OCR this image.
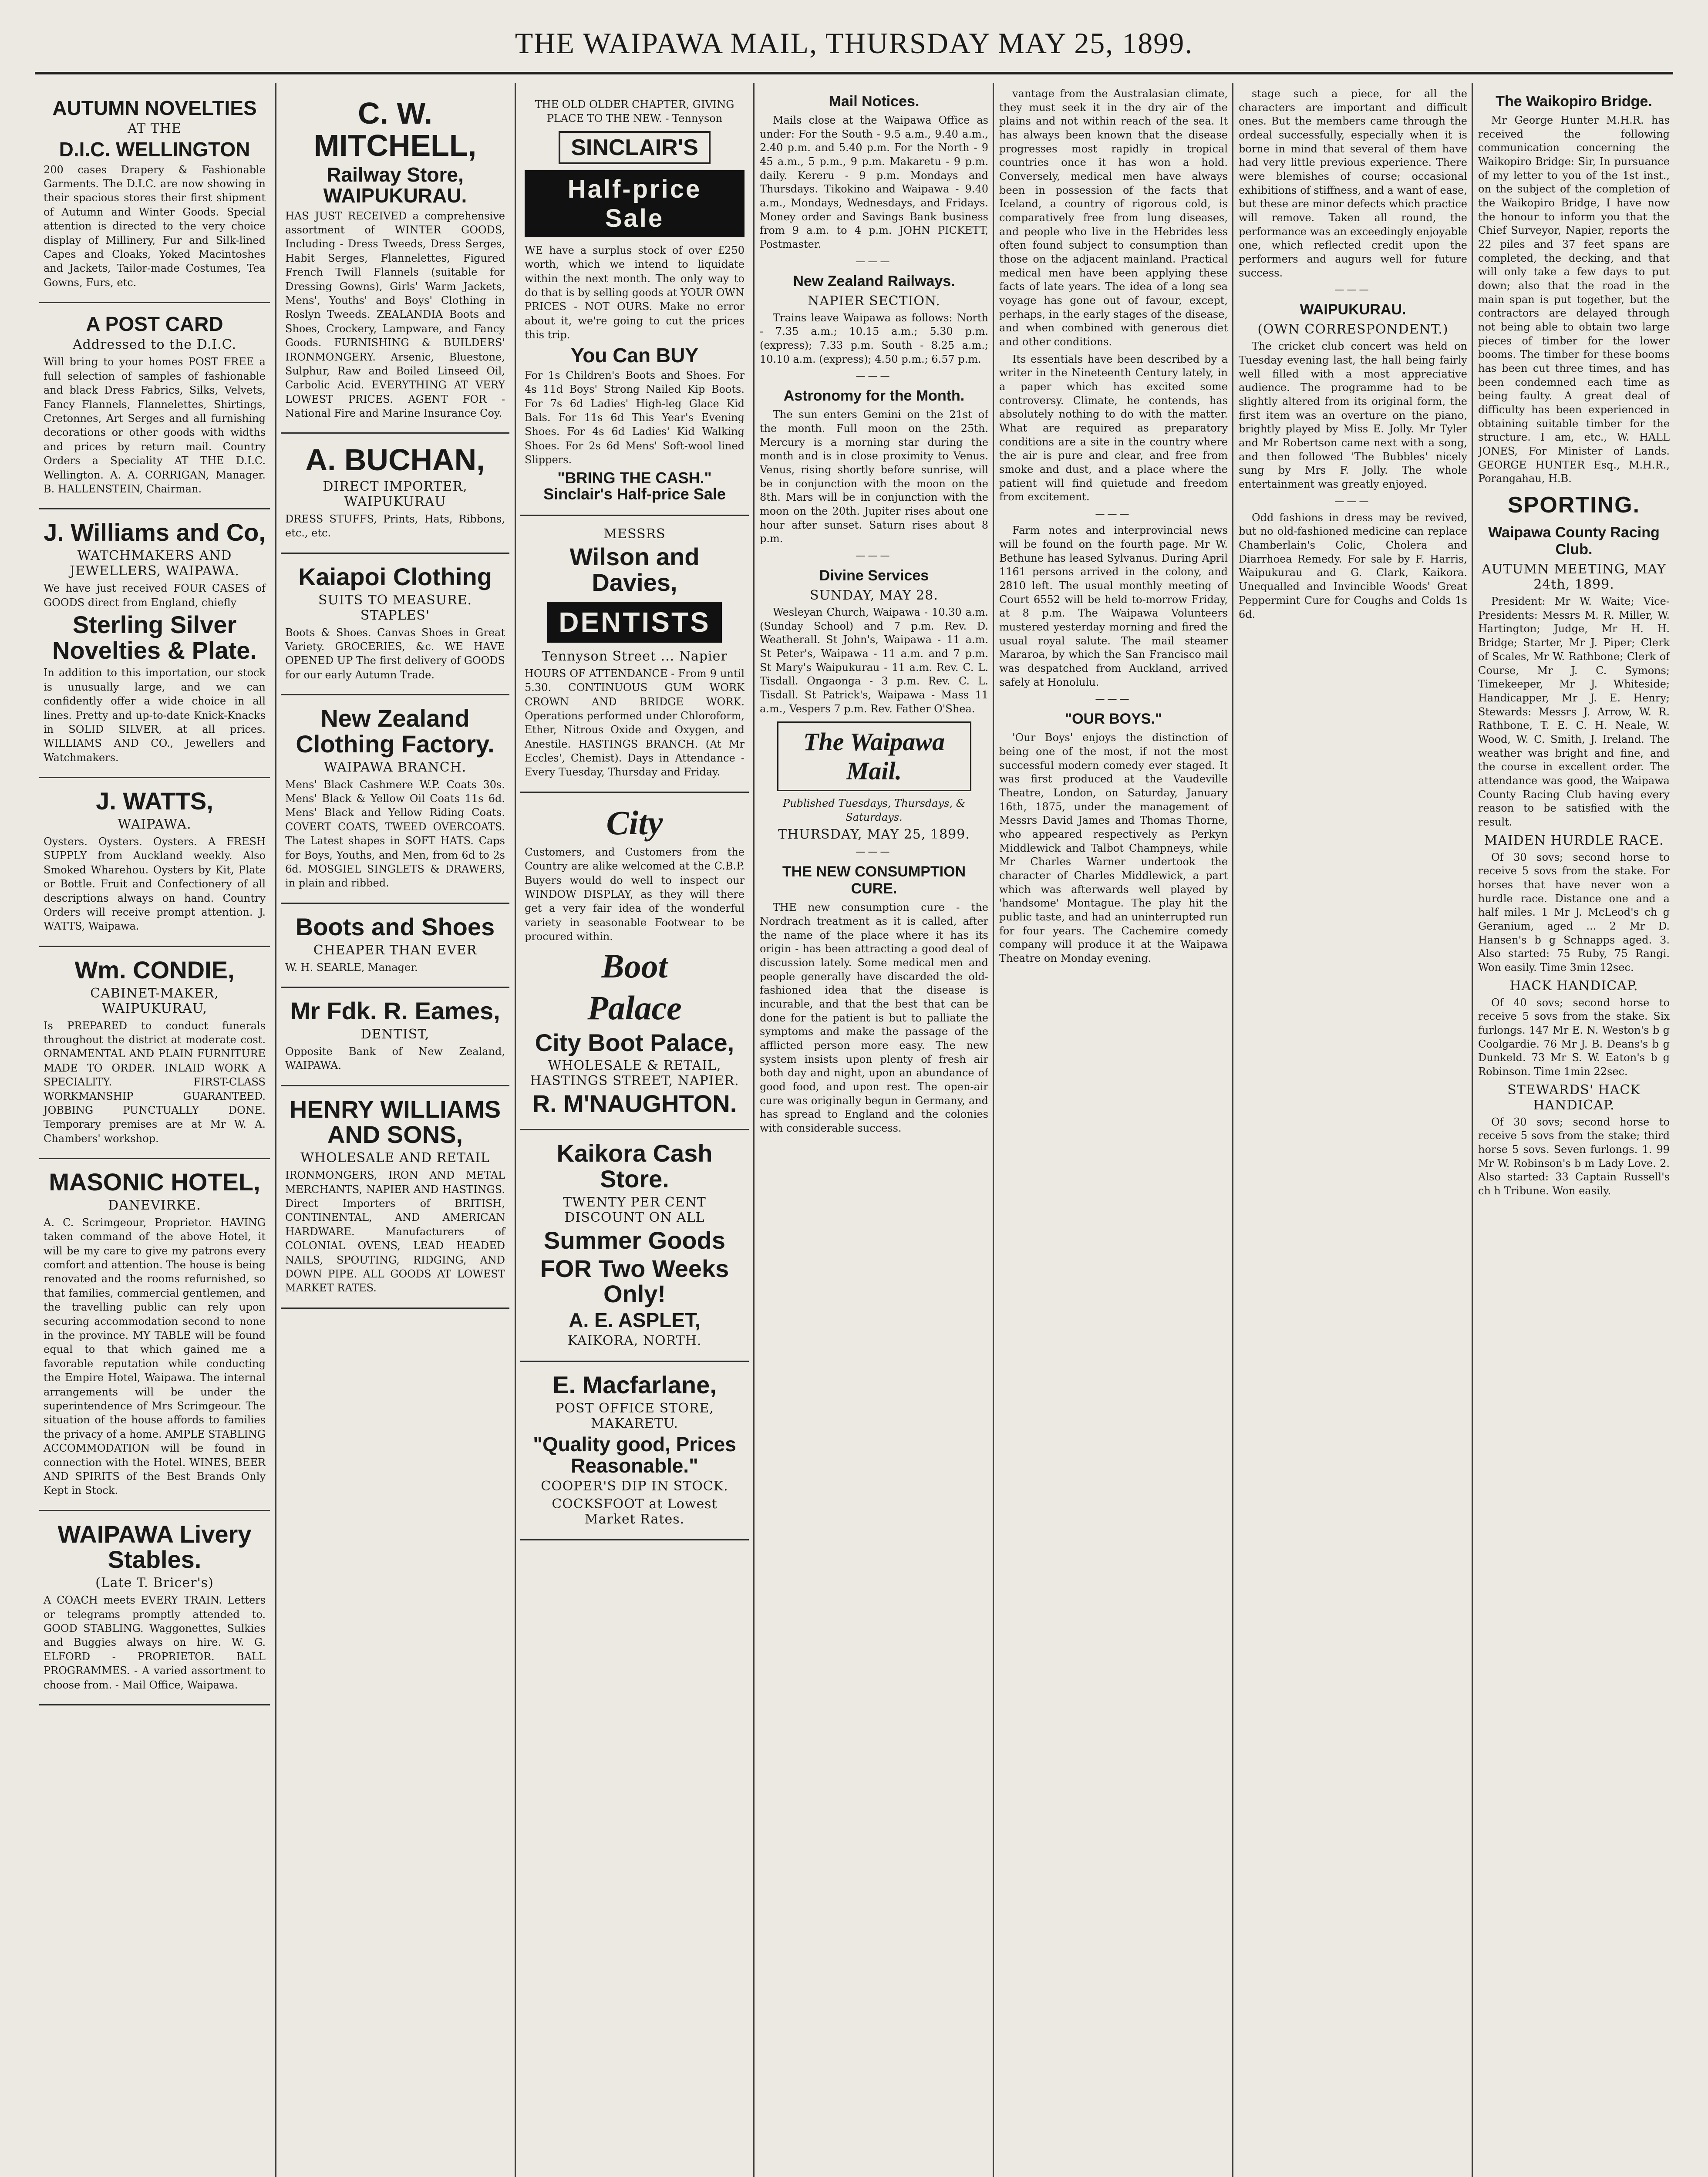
THE WAIPAWA MAIL, THURSDAY MAY 25, 1899.
AUTUMN NOVELTIES
AT THE
D.I.C. WELLINGTON
200 cases Drapery & Fashionable Garments. The D.I.C. are now showing in their spacious stores their first shipment of Autumn and Winter Goods. Special attention is directed to the very choice display of Millinery, Fur and Silk-lined Capes and Cloaks, Yoked Macintoshes and Jackets, Tailor-made Costumes, Tea Gowns, Furs, etc.
A POST CARD
Addressed to the D.I.C.
Will bring to your homes POST FREE a full selection of samples of fashionable and black Dress Fabrics, Silks, Velvets, Fancy Flannels, Flannelettes, Shirtings, Cretonnes, Art Serges and all furnishing decorations or other goods with widths and prices by return mail. Country Orders a Speciality AT THE D.I.C. Wellington. A. A. CORRIGAN, Manager. B. HALLENSTEIN, Chairman.
J. Williams and Co,
WATCHMAKERS AND JEWELLERS, WAIPAWA.
We have just received FOUR CASES of GOODS direct from England, chiefly
Sterling Silver Novelties & Plate.
In addition to this importation, our stock is unusually large, and we can confidently offer a wide choice in all lines. Pretty and up-to-date Knick-Knacks in SOLID SILVER, at all prices. WILLIAMS AND CO., Jewellers and Watchmakers.
J. WATTS,
WAIPAWA.
Oysters. Oysters. Oysters. A FRESH SUPPLY from Auckland weekly. Also Smoked Wharehou. Oysters by Kit, Plate or Bottle. Fruit and Confectionery of all descriptions always on hand. Country Orders will receive prompt attention. J. WATTS, Waipawa.
Wm. CONDIE,
CABINET-MAKER, WAIPUKURAU,
Is PREPARED to conduct funerals throughout the district at moderate cost. ORNAMENTAL AND PLAIN FURNITURE MADE TO ORDER. INLAID WORK A SPECIALITY. FIRST-CLASS WORKMANSHIP GUARANTEED. JOBBING PUNCTUALLY DONE. Temporary premises are at Mr W. A. Chambers' workshop.
MASONIC HOTEL,
DANEVIRKE.
A. C. Scrimgeour, Proprietor. HAVING taken command of the above Hotel, it will be my care to give my patrons every comfort and attention. The house is being renovated and the rooms refurnished, so that families, commercial gentlemen, and the travelling public can rely upon securing accommodation second to none in the province. MY TABLE will be found equal to that which gained me a favorable reputation while conducting the Empire Hotel, Waipawa. The internal arrangements will be under the superintendence of Mrs Scrimgeour. The situation of the house affords to families the privacy of a home. AMPLE STABLING ACCOMMODATION will be found in connection with the Hotel. WINES, BEER AND SPIRITS of the Best Brands Only Kept in Stock.
WAIPAWA Livery Stables.
(Late T. Bricer's)
A COACH meets EVERY TRAIN. Letters or telegrams promptly attended to. GOOD STABLING. Waggonettes, Sulkies and Buggies always on hire. W. G. ELFORD - PROPRIETOR. BALL PROGRAMMES. - A varied assortment to choose from. - Mail Office, Waipawa.
C. W. MITCHELL,
Railway Store, WAIPUKURAU.
HAS JUST RECEIVED a comprehensive assortment of WINTER GOODS, Including - Dress Tweeds, Dress Serges, Habit Serges, Flannelettes, Figured French Twill Flannels (suitable for Dressing Gowns), Girls' Warm Jackets, Mens', Youths' and Boys' Clothing in Roslyn Tweeds. ZEALANDIA Boots and Shoes, Crockery, Lampware, and Fancy Goods. FURNISHING & BUILDERS' IRONMONGERY. Arsenic, Bluestone, Sulphur, Raw and Boiled Linseed Oil, Carbolic Acid. EVERYTHING AT VERY LOWEST PRICES. AGENT FOR - National Fire and Marine Insurance Coy.
A. BUCHAN,
DIRECT IMPORTER, WAIPUKURAU
DRESS STUFFS, Prints, Hats, Ribbons, etc., etc.
Kaiapoi Clothing
SUITS TO MEASURE. STAPLES'
Boots & Shoes. Canvas Shoes in Great Variety. GROCERIES, &c. WE HAVE OPENED UP The first delivery of GOODS for our early Autumn Trade.
New Zealand Clothing Factory.
WAIPAWA BRANCH.
Mens' Black Cashmere W.P. Coats 30s. Mens' Black & Yellow Oil Coats 11s 6d. Mens' Black and Yellow Riding Coats. COVERT COATS, TWEED OVERCOATS. The Latest shapes in SOFT HATS. Caps for Boys, Youths, and Men, from 6d to 2s 6d. MOSGIEL SINGLETS & DRAWERS, in plain and ribbed.
Boots and Shoes
CHEAPER THAN EVER
W. H. SEARLE, Manager.
Mr Fdk. R. Eames,
DENTIST,
Opposite Bank of New Zealand, WAIPAWA.
HENRY WILLIAMS AND SONS,
WHOLESALE AND RETAIL
IRONMONGERS, IRON AND METAL MERCHANTS, NAPIER AND HASTINGS. Direct Importers of BRITISH, CONTINENTAL, AND AMERICAN HARDWARE. Manufacturers of COLONIAL OVENS, LEAD HEADED NAILS, SPOUTING, RIDGING, AND DOWN PIPE. ALL GOODS AT LOWEST MARKET RATES.
THE OLD OLDER CHAPTER, GIVING PLACE TO THE NEW. - Tennyson
SINCLAIR'S Half-price Sale
WE have a surplus stock of over £250 worth, which we intend to liquidate within the next month. The only way to do that is by selling goods at YOUR OWN PRICES - NOT OURS. Make no error about it, we're going to cut the prices this trip.
You Can BUY
For 1s Children's Boots and Shoes. For 4s 11d Boys' Strong Nailed Kip Boots. For 7s 6d Ladies' High-leg Glace Kid Bals. For 11s 6d This Year's Evening Shoes. For 4s 6d Ladies' Kid Walking Shoes. For 2s 6d Mens' Soft-wool lined Slippers.
"BRING THE CASH." Sinclair's Half-price Sale
MESSRS
Wilson and Davies,
DENTISTS
Tennyson Street ... Napier
HOURS OF ATTENDANCE - From 9 until 5.30. CONTINUOUS GUM WORK CROWN AND BRIDGE WORK. Operations performed under Chloroform, Ether, Nitrous Oxide and Oxygen, and Anestile. HASTINGS BRANCH. (At Mr Eccles', Chemist). Days in Attendance - Every Tuesday, Thursday and Friday.
City
Customers, and Customers from the Country are alike welcomed at the C.B.P. Buyers would do well to inspect our WINDOW DISPLAY, as they will there get a very fair idea of the wonderful variety in seasonable Footwear to be procured within.
Boot
Palace
City Boot Palace,
WHOLESALE & RETAIL, HASTINGS STREET, NAPIER.
R. M'NAUGHTON.
Kaikora Cash Store.
TWENTY PER CENT DISCOUNT ON ALL
Summer Goods
FOR Two Weeks Only!
A. E. ASPLET,
KAIKORA, NORTH.
E. Macfarlane,
POST OFFICE STORE, MAKARETU.
"Quality good, Prices Reasonable."
COOPER'S DIP IN STOCK.
COCKSFOOT at Lowest Market Rates.
Mail Notices.
Mails close at the Waipawa Office as under: For the South - 9.5 a.m., 9.40 a.m., 2.40 p.m. and 5.40 p.m. For the North - 9 45 a.m., 5 p.m., 9 p.m. Makaretu - 9 p.m. daily. Kereru - 9 p.m. Mondays and Thursdays. Tikokino and Waipawa - 9.40 a.m., Mondays, Wednesdays, and Fridays. Money order and Savings Bank business from 9 a.m. to 4 p.m. JOHN PICKETT, Postmaster.
———
New Zealand Railways.
NAPIER SECTION.
Trains leave Waipawa as follows: North - 7.35 a.m.; 10.15 a.m.; 5.30 p.m. (express); 7.33 p.m. South - 8.25 a.m.; 10.10 a.m. (express); 4.50 p.m.; 6.57 p.m.
———
Astronomy for the Month.
The sun enters Gemini on the 21st of the month. Full moon on the 25th. Mercury is a morning star during the month and is in close proximity to Venus. Venus, rising shortly before sunrise, will be in conjunction with the moon on the 8th. Mars will be in conjunction with the moon on the 20th. Jupiter rises about one hour after sunset. Saturn rises about 8 p.m.
———
Divine Services
SUNDAY, MAY 28.
Wesleyan Church, Waipawa - 10.30 a.m. (Sunday School) and 7 p.m. Rev. D. Weatherall. St John's, Waipawa - 11 a.m. St Peter's, Waipawa - 11 a.m. and 7 p.m. St Mary's Waipukurau - 11 a.m. Rev. C. L. Tisdall. Ongaonga - 3 p.m. Rev. C. L. Tisdall. St Patrick's, Waipawa - Mass 11 a.m., Vespers 7 p.m. Rev. Father O'Shea.
The Waipawa Mail.
Published Tuesdays, Thursdays, & Saturdays.
THURSDAY, MAY 25, 1899.
———
THE NEW CONSUMPTION CURE.
THE new consumption cure - the Nordrach treatment as it is called, after the name of the place where it has its origin - has been attracting a good deal of discussion lately. Some medical men and people generally have discarded the old-fashioned idea that the disease is incurable, and that the best that can be done for the patient is but to palliate the symptoms and make the passage of the afflicted person more easy. The new system insists upon plenty of fresh air both day and night, upon an abundance of good food, and upon rest. The open-air cure was originally begun in Germany, and has spread to England and the colonies with considerable success.
vantage from the Australasian climate, they must seek it in the dry air of the plains and not within reach of the sea. It has always been known that the disease progresses most rapidly in tropical countries once it has won a hold. Conversely, medical men have always been in possession of the facts that Iceland, a country of rigorous cold, is comparatively free from lung diseases, and people who live in the Hebrides less often found subject to consumption than those on the adjacent mainland. Practical medical men have been applying these facts of late years. The idea of a long sea voyage has gone out of favour, except, perhaps, in the early stages of the disease, and when combined with generous diet and other conditions.
Its essentials have been described by a writer in the Nineteenth Century lately, in a paper which has excited some controversy. Climate, he contends, has absolutely nothing to do with the matter. What are required as preparatory conditions are a site in the country where the air is pure and clear, and free from smoke and dust, and a place where the patient will find quietude and freedom from excitement.
———
Farm notes and interprovincial news will be found on the fourth page. Mr W. Bethune has leased Sylvanus. During April 1161 persons arrived in the colony, and 2810 left. The usual monthly meeting of Court 6552 will be held to-morrow Friday, at 8 p.m. The Waipawa Volunteers mustered yesterday morning and fired the usual royal salute. The mail steamer Mararoa, by which the San Francisco mail was despatched from Auckland, arrived safely at Honolulu.
———
"OUR BOYS."
'Our Boys' enjoys the distinction of being one of the most, if not the most successful modern comedy ever staged. It was first produced at the Vaudeville Theatre, London, on Saturday, January 16th, 1875, under the management of Messrs David James and Thomas Thorne, who appeared respectively as Perkyn Middlewick and Talbot Champneys, while Mr Charles Warner undertook the character of Charles Middlewick, a part which was afterwards well played by 'handsome' Montague. The play hit the public taste, and had an uninterrupted run for four years. The Cachemire comedy company will produce it at the Waipawa Theatre on Monday evening.
stage such a piece, for all the characters are important and difficult ones. But the members came through the ordeal successfully, especially when it is borne in mind that several of them have had very little previous experience. There were blemishes of course; occasional exhibitions of stiffness, and a want of ease, but these are minor defects which practice will remove. Taken all round, the performance was an exceedingly enjoyable one, which reflected credit upon the performers and augurs well for future success.
———
WAIPUKURAU.
(OWN CORRESPONDENT.)
The cricket club concert was held on Tuesday evening last, the hall being fairly well filled with a most appreciative audience. The programme had to be slightly altered from its original form, the first item was an overture on the piano, brightly played by Miss E. Jolly. Mr Tyler and Mr Robertson came next with a song, and then followed 'The Bubbles' nicely sung by Mrs F. Jolly. The whole entertainment was greatly enjoyed.
———
Odd fashions in dress may be revived, but no old-fashioned medicine can replace Chamberlain's Colic, Cholera and Diarrhoea Remedy. For sale by F. Harris, Waipukurau and G. Clark, Kaikora. Unequalled and Invincible Woods' Great Peppermint Cure for Coughs and Colds 1s 6d.
The Waikopiro Bridge.
Mr George Hunter M.H.R. has received the following communication concerning the Waikopiro Bridge: Sir, In pursuance of my letter to you of the 1st inst., on the subject of the completion of the Waikopiro Bridge, I have now the honour to inform you that the Chief Surveyor, Napier, reports the 22 piles and 37 feet spans are completed, the decking, and that will only take a few days to put down; also that the road in the main span is put together, but the contractors are delayed through not being able to obtain two large pieces of timber for the lower booms. The timber for these booms has been cut three times, and has been condemned each time as being faulty. A great deal of difficulty has been experienced in obtaining suitable timber for the structure. I am, etc., W. HALL JONES, For Minister of Lands. GEORGE HUNTER Esq., M.H.R., Porangahau, H.B.
SPORTING.
Waipawa County Racing Club.
AUTUMN MEETING, MAY 24th, 1899.
President: Mr W. Waite; Vice-Presidents: Messrs M. R. Miller, W. Hartington; Judge, Mr H. H. Bridge; Starter, Mr J. Piper; Clerk of Scales, Mr W. Rathbone; Clerk of Course, Mr J. C. Symons; Timekeeper, Mr J. Whiteside; Handicapper, Mr J. E. Henry; Stewards: Messrs J. Arrow, W. R. Rathbone, T. E. C. H. Neale, W. Wood, W. C. Smith, J. Ireland. The weather was bright and fine, and the course in excellent order. The attendance was good, the Waipawa County Racing Club having every reason to be satisfied with the result.
MAIDEN HURDLE RACE.
Of 30 sovs; second horse to receive 5 sovs from the stake. For horses that have never won a hurdle race. Distance one and a half miles. 1 Mr J. McLeod's ch g Geranium, aged ... 2 Mr D. Hansen's b g Schnapps aged. 3. Also started: 75 Ruby, 75 Rangi. Won easily. Time 3min 12sec.
HACK HANDICAP.
Of 40 sovs; second horse to receive 5 sovs from the stake. Six furlongs. 147 Mr E. N. Weston's b g Coolgardie. 76 Mr J. B. Deans's b g Dunkeld. 73 Mr S. W. Eaton's b g Robinson. Time 1min 22sec.
STEWARDS' HACK HANDICAP.
Of 30 sovs; second horse to receive 5 sovs from the stake; third horse 5 sovs. Seven furlongs. 1. 99 Mr W. Robinson's b m Lady Love. 2. Also started: 33 Captain Russell's ch h Tribune. Won easily.
